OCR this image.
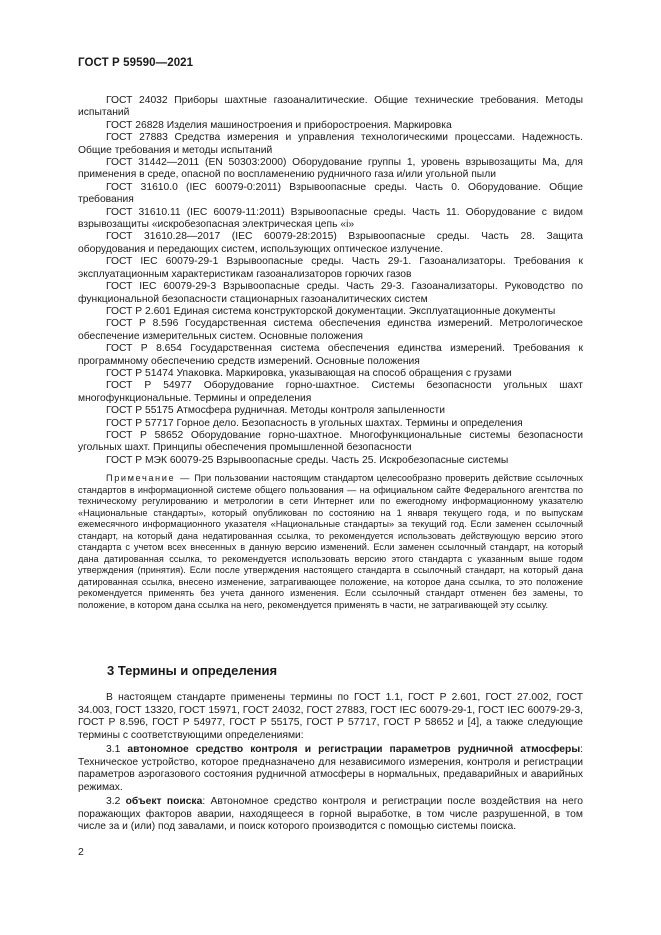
ГОСТ Р 59590—2021

ГОСТ 24032 Приборы шахтные газоаналитические. Общие технические требования. Методы испытаний

ГОСТ 26828 Изделия машиностроения и приборостроения. Маркировка

ГОСТ 27883 Средства измерения и управления технологическими процессами. Надежность. Общие требования и методы испытаний

ГОСТ 31442—2011 (EN 50303:2000) Оборудование группы 1, уровень взрывозащиты Ма, для применения в среде, опасной по воспламенению рудничного газа и/или угольной пыли

ГОСТ 31610.0 (IEC 60079-0:2011) Взрывоопасные среды. Часть 0. Оборудование. Общие требования

ГОСТ 31610.11 (IEC 60079-11:2011) Взрывоопасные среды. Часть 11. Оборудование с видом взрывозащиты «искробезопасная электрическая цепь «i»

ГОСТ 31610.28—2017 (IEC 60079-28:2015) Взрывоопасные среды. Часть 28. Защита оборудования и передающих систем, использующих оптическое излучение.

ГОСТ IEC 60079-29-1 Взрывоопасные среды. Часть 29-1. Газоанализаторы. Требования к эксплуатационным характеристикам газоанализаторов горючих газов

ГОСТ IEC 60079-29-3 Взрывоопасные среды. Часть 29-3. Газоанализаторы. Руководство по функциональной безопасности стационарных газоаналитических систем

ГОСТ Р 2.601 Единая система конструкторской документации. Эксплуатационные документы

ГОСТ Р 8.596 Государственная система обеспечения единства измерений. Метрологическое обеспечение измерительных систем. Основные положения

ГОСТ Р 8.654 Государственная система обеспечения единства измерений. Требования к программному обеспечению средств измерений. Основные положения

ГОСТ Р 51474 Упаковка. Маркировка, указывающая на способ обращения с грузами

ГОСТ Р 54977 Оборудование горно-шахтное. Системы безопасности угольных шахт многофункциональные. Термины и определения

ГОСТ Р 55175 Атмосфера рудничная. Методы контроля запыленности

ГОСТ Р 57717 Горное дело. Безопасность в угольных шахтах. Термины и определения

ГОСТ Р 58652 Оборудование горно-шахтное. Многофункциональные системы безопасности угольных шахт. Принципы обеспечения промышленной безопасности

ГОСТ Р МЭК 60079-25 Взрывоопасные среды. Часть 25. Искробезопасные системы

Примечание — При пользовании настоящим стандартом целесообразно проверить действие ссылочных стандартов в информационной системе общего пользования — на официальном сайте Федерального агентства по техническому регулированию и метрологии в сети Интернет или по ежегодному информационному указателю «Национальные стандарты», который опубликован по состоянию на 1 января текущего года, и по выпускам ежемесячного информационного указателя «Национальные стандарты» за текущий год. Если заменен ссылочный стандарт, на который дана недатированная ссылка, то рекомендуется использовать действующую версию этого стандарта с учетом всех внесенных в данную версию изменений. Если заменен ссылочный стандарт, на который дана датированная ссылка, то рекомендуется использовать версию этого стандарта с указанным выше годом утверждения (принятия). Если после утверждения настоящего стандарта в ссылочный стандарт, на который дана датированная ссылка, внесено изменение, затрагивающее положение, на которое дана ссылка, то это положение рекомендуется применять без учета данного изменения. Если ссылочный стандарт отменен без замены, то положение, в котором дана ссылка на него, рекомендуется применять в части, не затрагивающей эту ссылку.

3 Термины и определения

В настоящем стандарте применены термины по ГОСТ 1.1, ГОСТ Р 2.601, ГОСТ 27.002, ГОСТ 34.003, ГОСТ 13320, ГОСТ 15971, ГОСТ 24032, ГОСТ 27883, ГОСТ IEC 60079-29-1, ГОСТ IEC 60079-29-3, ГОСТ Р 8.596, ГОСТ Р 54977, ГОСТ Р 55175, ГОСТ Р 57717, ГОСТ Р 58652 и [4], а также следующие термины с соответствующими определениями:

3.1 автономное средство контроля и регистрации параметров рудничной атмосферы: Техническое устройство, которое предназначено для независимого измерения, контроля и регистрации параметров аэрогазового состояния рудничной атмосферы в нормальных, предаварийных и аварийных режимах.

3.2 объект поиска: Автономное средство контроля и регистрации после воздействия на него поражающих факторов аварии, находящееся в горной выработке, в том числе разрушенной, в том числе за и (или) под завалами, и поиск которого производится с помощью системы поиска.

2
